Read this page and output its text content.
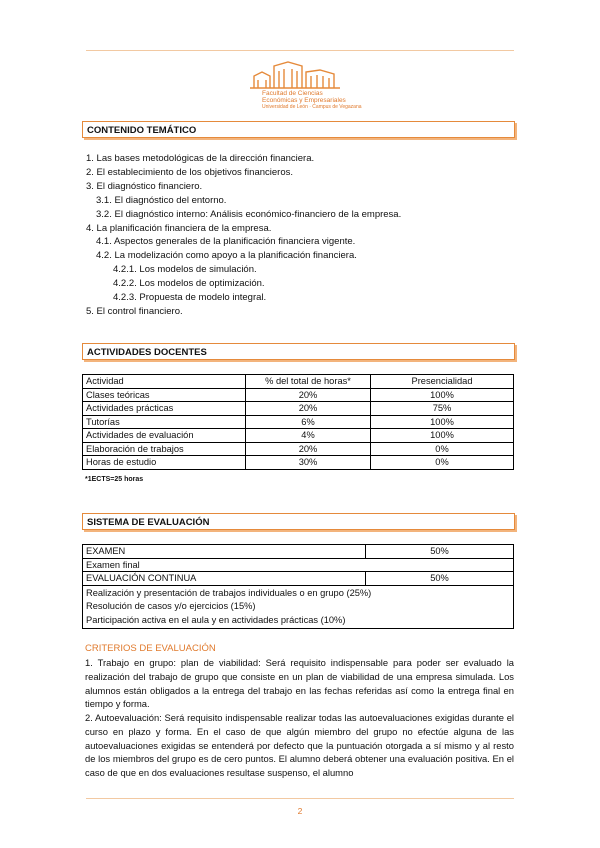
Facultad de Ciencias
Económicas y Empresariales
Universidad de León · Campus de Vegazana
CONTENIDO TEMÁTICO
1. Las bases metodológicas de la dirección financiera.
2. El establecimiento de los objetivos financieros.
3. El diagnóstico financiero.
3.1. El diagnóstico del entorno.
3.2. El diagnóstico interno: Análisis económico-financiero de la empresa.
4. La planificación financiera de la empresa.
4.1. Aspectos generales de la planificación financiera vigente.
4.2. La modelización como apoyo a la planificación financiera.
4.2.1. Los modelos de simulación.
4.2.2. Los modelos de optimización.
4.2.3. Propuesta de modelo integral.
5. El control financiero.
ACTIVIDADES DOCENTES
Actividad	% del total de horas*	Presencialidad
Clases teóricas	20%	100%
Actividades prácticas	20%	75%
Tutorías	6%	100%
Actividades de evaluación	4%	100%
Elaboración de trabajos	20%	0%
Horas de estudio	30%	0%
*1ECTS=25 horas
SISTEMA DE EVALUACIÓN
EXAMEN	50%
Examen final	
EVALUACIÓN CONTINUA	50%

Realización y presentación de trabajos individuales o en grupo (25%)
Resolución de casos y/o ejercicios (15%)
Participación activa en el aula y en actividades prácticas (10%)	
CRITERIOS DE EVALUACIÓN
1. Trabajo en grupo: plan de viabilidad: Será requisito indispensable para poder ser evaluado la realización del trabajo de grupo que consiste en un plan de viabilidad de una empresa simulada. Los alumnos están obligados a la entrega del trabajo en las fechas referidas así como la entrega final en tiempo y forma.
2. Autoevaluación: Será requisito indispensable realizar todas las autoevaluaciones exigidas durante el curso en plazo y forma. En el caso de que algún miembro del grupo no efectúe alguna de las autoevaluaciones exigidas se entenderá por defecto que la puntuación otorgada a sí mismo y al resto de los miembros del grupo es de cero puntos. El alumno deberá obtener una evaluación positiva. En el caso de que en dos evaluaciones resultase suspenso, el alumno
2
